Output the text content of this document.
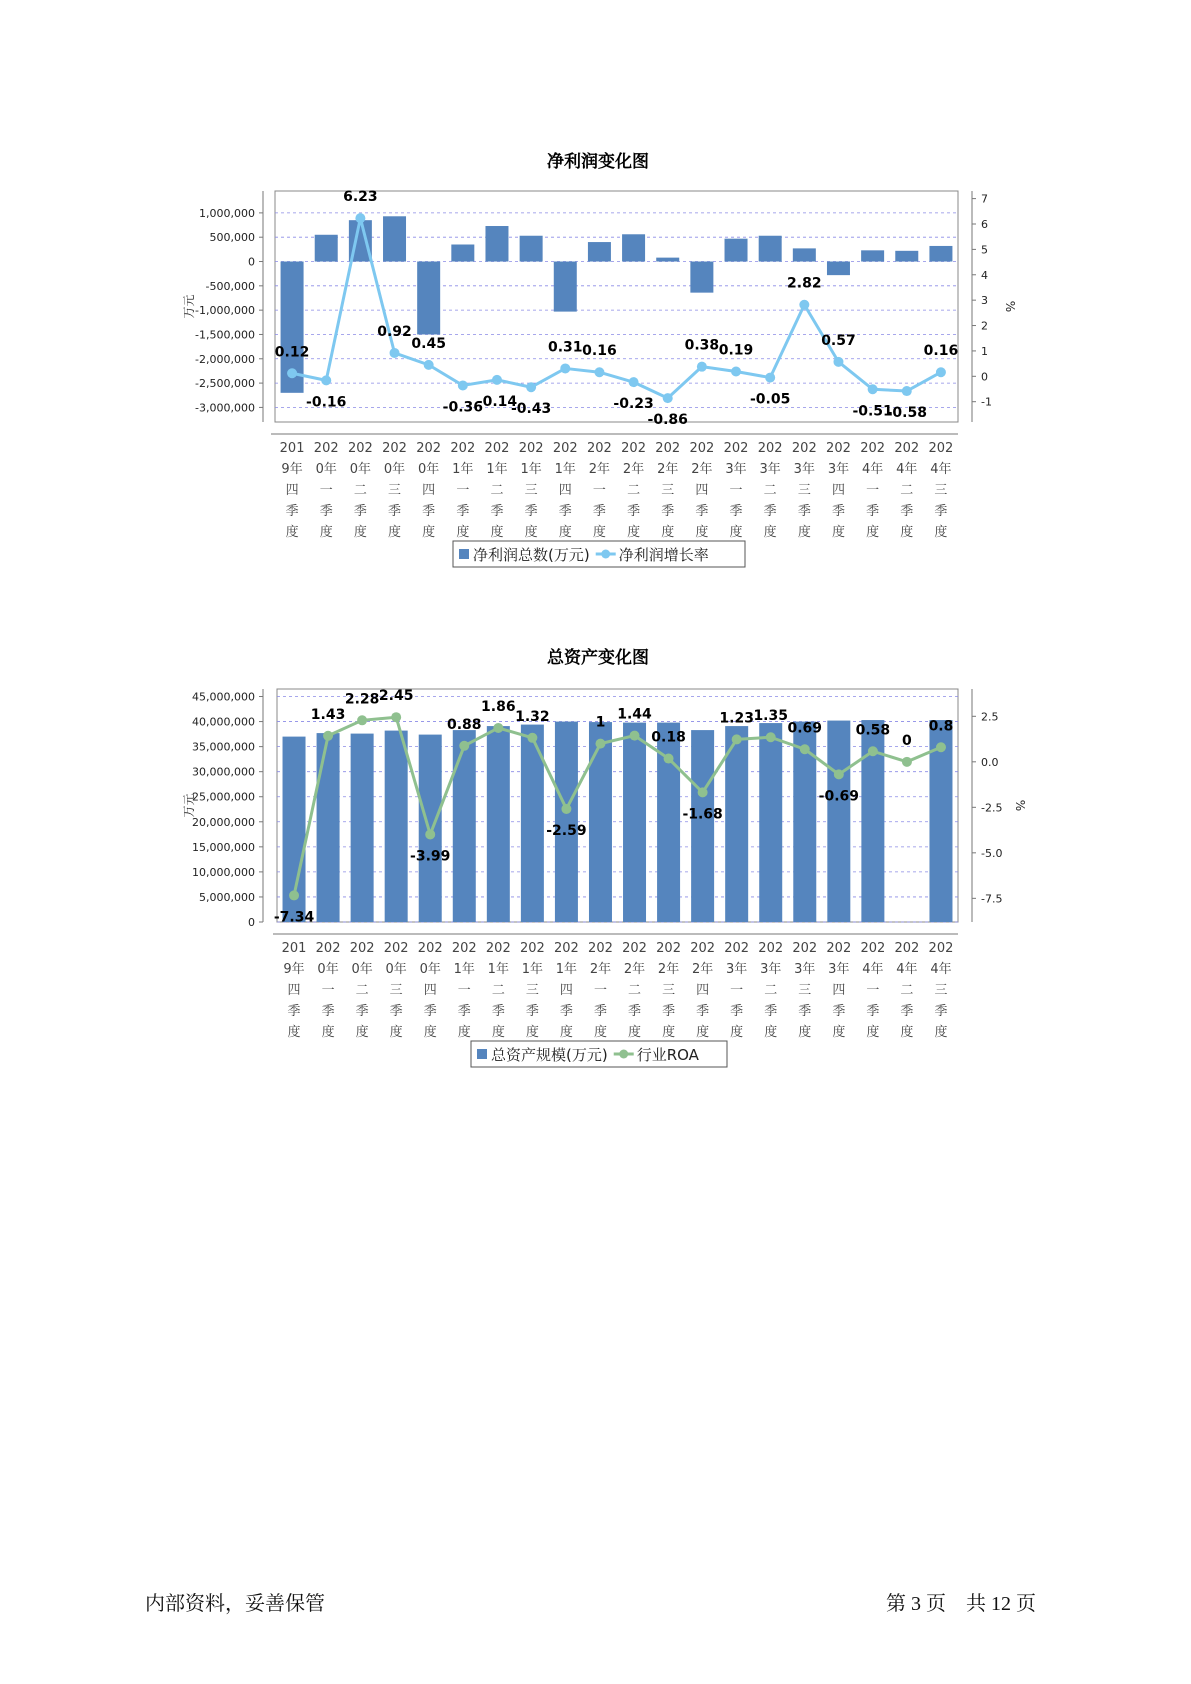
净利润变化图
1,000,000
500,000
0
-500,000
-1,000,000
-1,500,000
-2,000,000
-2,500,000
-3,000,000
万元
7
6
5
4
3
2
1
0
-1
%
0.12
-0.16
6.23
0.92
0.45
-0.36
-0.14
-0.43
0.31 0.16
-0.23
-0.86
0.38 0.19
-0.05
2.82
0.57
-0.51
-0.58
0.16
201
9年
四
季
度
202
0年
一
季
度
202
0年
二
季
度
202
0年
三
季
度
202
0年
四
季
度
202
1年
一
季
度
202
1年
二
季
度
202
1年
三
季
度
202
1年
四
季
度
202
2年
一
季
度
202
2年
二
季
度
202
2年
三
季
度
202
2年
四
季
度
202
3年
一
季
度
202
3年
二
季
度
202
3年
三
季
度
202
3年
四
季
度
202
4年
一
季
度
202
4年
二
季
度
202
4年
三
季
度
净利润总数(万元) 净利润增长率
总资产变化图
45,000,000
40,000,000
35,000,000
30,000,000
25,000,000
20,000,000
15,000,000
10,000,000
5,000,000
0
万元
2.5
0.0
-2.5
-5.0
-7.5
%
-7.34
1.43
2.28 2.45
-3.99
0.88
1.86
1.32
-2.59
1
1.44
0.18
-1.68
1.23 1.35
0.69
-0.69
0.58
0
0.8
201
9年
四
季
度
202
0年
一
季
度
202
0年
二
季
度
202
0年
三
季
度
202
0年
四
季
度
202
1年
一
季
度
202
1年
二
季
度
202
1年
三
季
度
202
1年
四
季
度
202
2年
一
季
度
202
2年
二
季
度
202
2年
三
季
度
202
2年
四
季
度
202
3年
一
季
度
202
3年
二
季
度
202
3年
三
季
度
202
3年
四
季
度
202
4年
一
季
度
202
4年
二
季
度
202
4年
三
季
度
总资产规模(万元) 行业ROA
内部资料，妥善保管	第 3 页 共 12 页
